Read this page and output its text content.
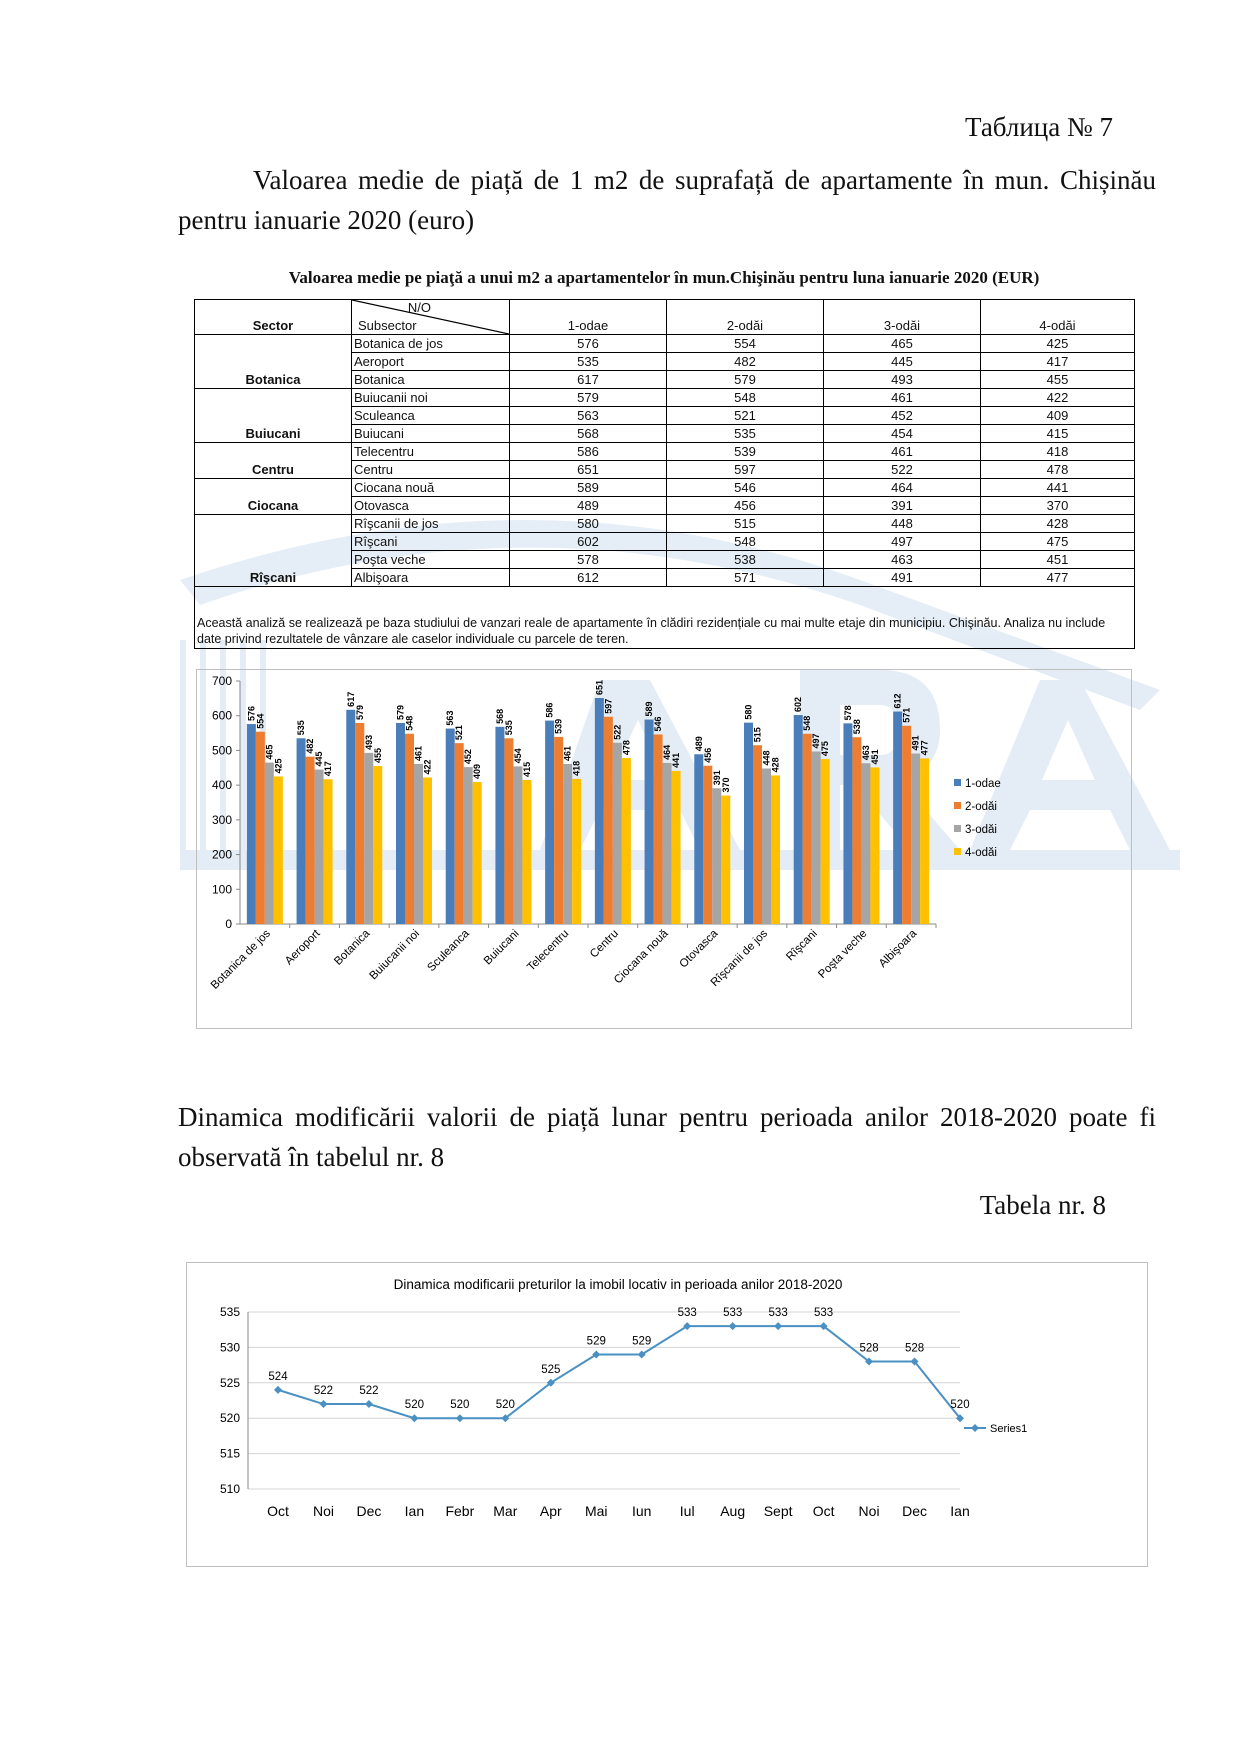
Таблица № 7
Valoarea medie de piață de 1 m2 de suprafață de apartamente în mun. Chișinău pentru ianuarie 2020 (euro)
Valoarea medie pe piaţă a unui m2 a apartamentelor în mun.Chişinău pentru luna ianuarie 2020 (EUR)
Sector	N/O
Subsector	1-odae	2-odăi	3-odăi	4-odăi
Botanica	Botanica de jos	576	554	465	425
	Aeroport	535	482	445	417
	Botanica	617	579	493	455
Buiucani	Buiucanii noi	579	548	461	422
	Sculeanca	563	521	452	409
	Buiucani	568	535	454	415
Centru	Telecentru	586	539	461	418
	Centru	651	597	522	478
Ciocana	Ciocana nouă	589	546	464	441
	Otovasca	489	456	391	370
Rîşcani	Rîşcanii de jos	580	515	448	428
	Rîşcani	602	548	497	475
	Poşta veche	578	538	463	451
	Albişoara	612	571	491	477
Această analiză se realizează pe baza studiului de vanzari reale de apartamente în clădiri rezidențiale cu mai multe etaje din municipiu. Chişinău. Analiza nu include date privind rezultatele de vânzare ale caselor individuale cu parcele de teren.					
0
100
200
300
400
500
600
700
576
554
465
425
Botanica de jos
535
482
445
417
Aeroport
617
579
493
455
Botanica
579
548
461
422
Buiucanii noi
563
521
452
409
Sculeanca
568
535
454
415
Buiucani
586
539
461
418
Telecentru
651
597
522
478
Centru
589
546
464
441
Ciocana nouă
489
456
391 370
Otovasca
580
515
448 428
Rîşcanii de jos
602
548
497
475
Rîşcani
578
538
463 451
Poşta veche
612
571
491 477
Albişoara
1-odae
2-odăi
3-odăi
4-odăi
Dinamica modificării valorii de piață lunar pentru perioada anilor 2018-2020 poate fi observată în tabelul nr. 8
Tabela nr. 8
Dinamica modificarii preturilor la imobil locativ in perioada anilor 2018-2020
510
515
520
525
530
535
524
522 522
520 520 520
525
529 529
533 533 533 533
528 528
520
Oct Noi Dec Ian Febr Mar Apr Mai Iun Iul Aug Sept Oct Noi Dec Ian
Series1
